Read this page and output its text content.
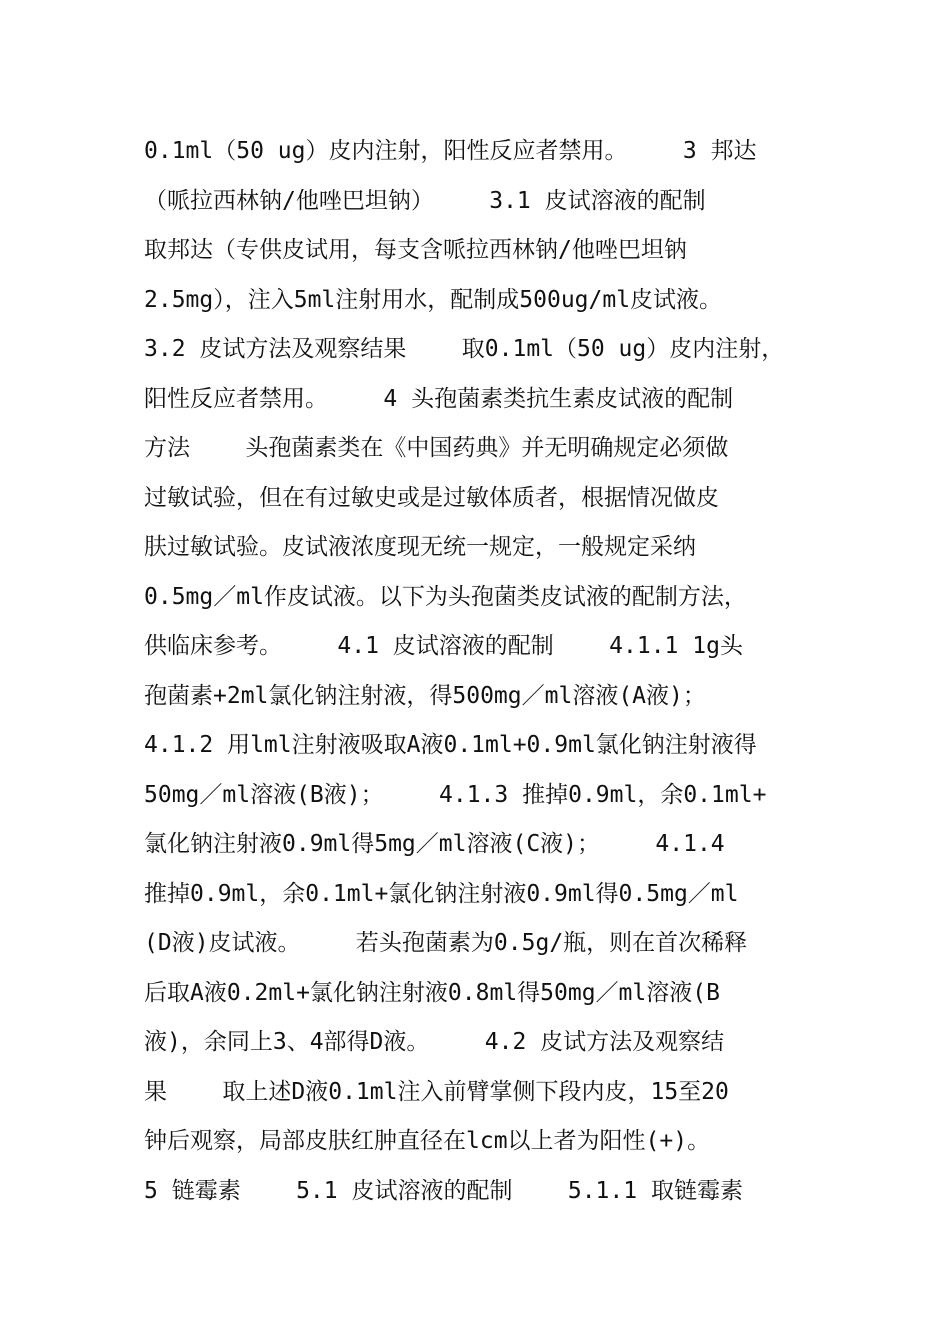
0.1ml（50 ug）皮内注射，阳性反应者禁用。    3 邦达
（哌拉西林钠/他唑巴坦钠）    3.1 皮试溶液的配制
取邦达（专供皮试用，每支含哌拉西林钠/他唑巴坦钠
2.5mg），注入5ml注射用水，配制成500ug/ml皮试液。
3.2 皮试方法及观察结果    取0.1ml（50 ug）皮内注射，
阳性反应者禁用。    4 头孢菌素类抗生素皮试液的配制
方法    头孢菌素类在《中国药典》并无明确规定必须做
过敏试验，但在有过敏史或是过敏体质者，根据情况做皮
肤过敏试验。皮试液浓度现无统一规定，一般规定采纳
0.5mg／ml作皮试液。以下为头孢菌类皮试液的配制方法，
供临床参考。    4.1 皮试溶液的配制    4.1.1 1g头
孢菌素+2ml氯化钠注射液，得500mg／ml溶液(A液)；
4.1.2 用lml注射液吸取A液0.1ml+0.9ml氯化钠注射液得
50mg／ml溶液(B液)；    4.1.3 推掉0.9ml，余0.1ml+
氯化钠注射液0.9ml得5mg／ml溶液(C液)；    4.1.4
推掉0.9ml，余0.1ml+氯化钠注射液0.9ml得0.5mg／ml
(D液)皮试液。    若头孢菌素为0.5g/瓶，则在首次稀释
后取A液0.2ml+氯化钠注射液0.8ml得50mg／ml溶液(B
液)，余同上3、4部得D液。    4.2 皮试方法及观察结
果    取上述D液0.1ml注入前臂掌侧下段内皮，15至20
钟后观察，局部皮肤红肿直径在lcm以上者为阳性(+)。
5 链霉素    5.1 皮试溶液的配制    5.1.1 取链霉素
